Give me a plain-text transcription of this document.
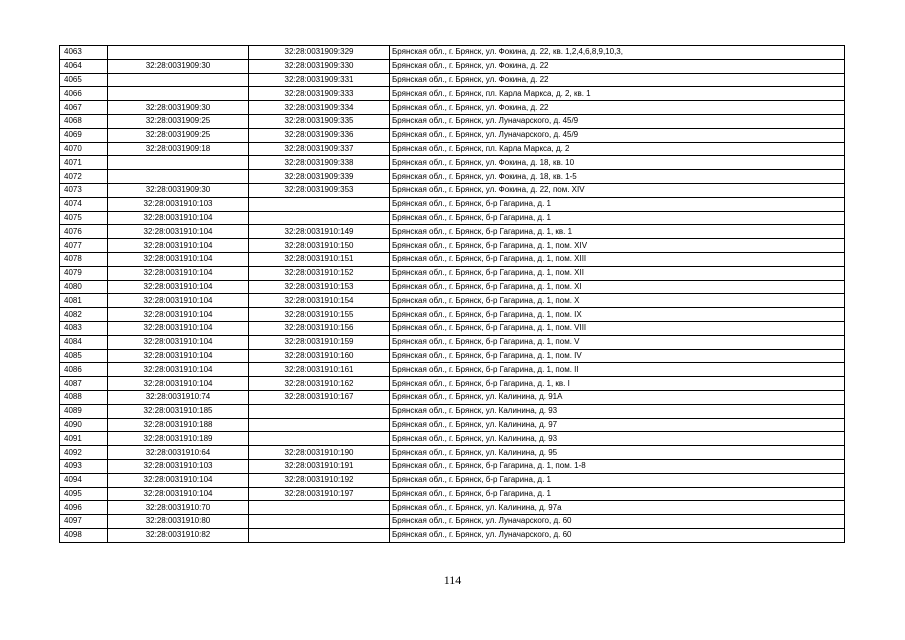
4063		32:28:0031909:329	Брянская обл., г. Брянск, ул. Фокина, д. 22, кв. 1,2,4,6,8,9,10,3,
4064	32:28:0031909:30	32:28:0031909:330	Брянская обл., г. Брянск, ул. Фокина, д. 22
4065		32:28:0031909:331	Брянская обл., г. Брянск, ул. Фокина, д. 22
4066		32:28:0031909:333	Брянская обл., г. Брянск, пл. Карла Маркса, д. 2, кв. 1
4067	32:28:0031909:30	32:28:0031909:334	Брянская обл., г. Брянск, ул. Фокина, д. 22
4068	32:28:0031909:25	32:28:0031909:335	Брянская обл., г. Брянск, ул. Луначарского, д. 45/9
4069	32:28:0031909:25	32:28:0031909:336	Брянская обл., г. Брянск, ул. Луначарского, д. 45/9
4070	32:28:0031909:18	32:28:0031909:337	Брянская обл., г. Брянск, пл. Карла Маркса, д. 2
4071		32:28:0031909:338	Брянская обл., г. Брянск, ул. Фокина, д. 18, кв. 10
4072		32:28:0031909:339	Брянская обл., г. Брянск, ул. Фокина, д. 18, кв. 1-5
4073	32:28:0031909:30	32:28:0031909:353	Брянская обл., г. Брянск, ул. Фокина, д. 22, пом. XIV
4074	32:28:0031910:103		Брянская обл., г. Брянск, б-р Гагарина, д. 1
4075	32:28:0031910:104		Брянская обл., г. Брянск, б-р Гагарина, д. 1
4076	32:28:0031910:104	32:28:0031910:149	Брянская обл., г. Брянск, б-р Гагарина, д. 1, кв. 1
4077	32:28:0031910:104	32:28:0031910:150	Брянская обл., г. Брянск, б-р Гагарина, д. 1, пом. XIV
4078	32:28:0031910:104	32:28:0031910:151	Брянская обл., г. Брянск, б-р Гагарина, д. 1, пом. XIII
4079	32:28:0031910:104	32:28:0031910:152	Брянская обл., г. Брянск, б-р Гагарина, д. 1, пом. XII
4080	32:28:0031910:104	32:28:0031910:153	Брянская обл., г. Брянск, б-р Гагарина, д. 1, пом. XI
4081	32:28:0031910:104	32:28:0031910:154	Брянская обл., г. Брянск, б-р Гагарина, д. 1, пом. X
4082	32:28:0031910:104	32:28:0031910:155	Брянская обл., г. Брянск, б-р Гагарина, д. 1, пом. IX
4083	32:28:0031910:104	32:28:0031910:156	Брянская обл., г. Брянск, б-р Гагарина, д. 1, пом. VIII
4084	32:28:0031910:104	32:28:0031910:159	Брянская обл., г. Брянск, б-р Гагарина, д. 1, пом. V
4085	32:28:0031910:104	32:28:0031910:160	Брянская обл., г. Брянск, б-р Гагарина, д. 1, пом. IV
4086	32:28:0031910:104	32:28:0031910:161	Брянская обл., г. Брянск, б-р Гагарина, д. 1, пом. II
4087	32:28:0031910:104	32:28:0031910:162	Брянская обл., г. Брянск, б-р Гагарина, д. 1, кв. I
4088	32:28:0031910:74	32:28:0031910:167	Брянская обл., г. Брянск, ул. Калинина, д. 91А
4089	32:28:0031910:185		Брянская обл., г. Брянск, ул. Калинина, д. 93
4090	32:28:0031910:188		Брянская обл., г. Брянск, ул. Калинина, д. 97
4091	32:28:0031910:189		Брянская обл., г. Брянск, ул. Калинина, д. 93
4092	32:28:0031910:64	32:28:0031910:190	Брянская обл., г. Брянск, ул. Калинина, д. 95
4093	32:28:0031910:103	32:28:0031910:191	Брянская обл., г. Брянск, б-р Гагарина, д. 1, пом. 1-8
4094	32:28:0031910:104	32:28:0031910:192	Брянская обл., г. Брянск, б-р Гагарина, д. 1
4095	32:28:0031910:104	32:28:0031910:197	Брянская обл., г. Брянск, б-р Гагарина, д. 1
4096	32:28:0031910:70		Брянская обл., г. Брянск, ул. Калинина, д. 97а
4097	32:28:0031910:80		Брянская обл., г. Брянск, ул. Луначарского, д. 60
4098	32:28:0031910:82		Брянская обл., г. Брянск, ул. Луначарского, д. 60
114
